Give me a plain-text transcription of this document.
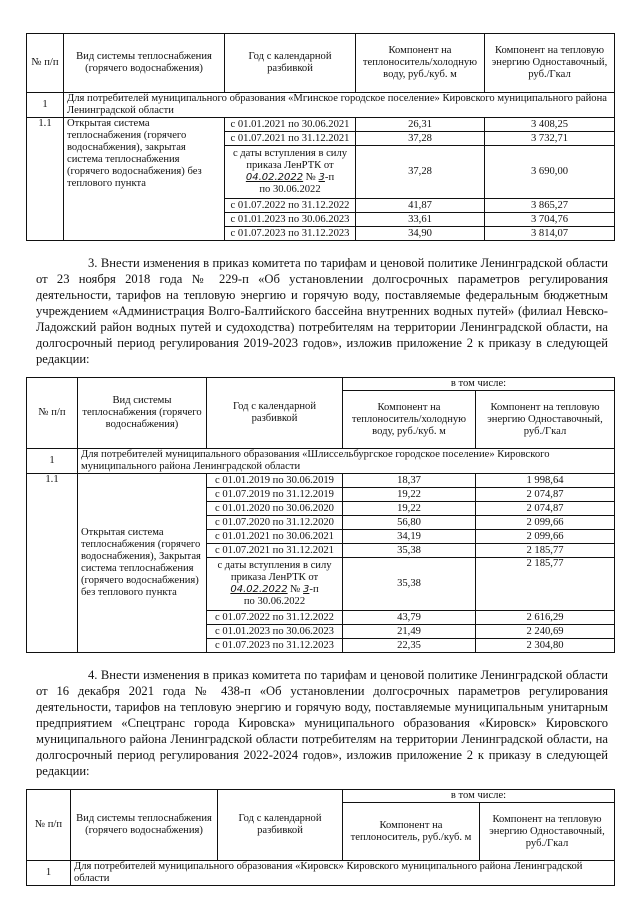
№ п/п	Вид системы теплоснабжения (горячего водоснабжения)	Год с календарной разбивкой	Компонент на теплоноситель/холодную воду, руб./куб. м	Компонент на тепловую энергию Одноставочный, руб./Гкал
1	Для потребителей муниципального образования «Мгинское городское поселение» Кировского муниципального района Ленинградской области			
1.1	Открытая система теплоснабжения (горячего водоснабжения), закрытая система теплоснабжения (горячего водоснабжения) без теплового пункта	с 01.01.2021 по 30.06.2021	26,31	3 408,25
		с 01.07.2021 по 31.12.2021	37,28	3 732,71
		с даты вступления в силу приказа ЛенРТК от
04.02.2022 № 3-п
по 30.06.2022	37,28	3 690,00
		с 01.07.2022 по 31.12.2022	41,87	3 865,27
		с 01.01.2023 по 30.06.2023	33,61	3 704,76
		с 01.07.2023 по 31.12.2023	34,90	3 814,07

3. Внести изменения в приказ комитета по тарифам и ценовой политике Ленинградской области от 23 ноября 2018 года № 229-п «Об установлении долгосрочных параметров регулирования деятельности, тарифов на тепловую энергию и горячую воду, поставляемые федеральным бюджетным учреждением «Администрация Волго-Балтийского бассейна внутренних водных путей» (филиал Невско-Ладожский район водных путей и судоходства) потребителям на территории Ленинградской области, на долгосрочный период регулирования 2019-2023 годов», изложив приложение 2 к приказу в следующей редакции:

№ п/п	Вид системы теплоснабжения (горячего водоснабжения)	Год с календарной разбивкой	в том числе:	
			Компонент на теплоноситель/холодную воду, руб./куб. м	Компонент на тепловую энергию Одноставочный, руб./Гкал
1	Для потребителей муниципального образования «Шлиссельбургское городское поселение» Кировского муниципального района Ленинградской области			
1.1	Открытая система теплоснабжения (горячего водоснабжения), Закрытая система теплоснабжения (горячего водоснабжения) без теплового пункта	с 01.01.2019 по 30.06.2019	18,37	1 998,64
		с 01.07.2019 по 31.12.2019	19,22	2 074,87
		с 01.01.2020 по 30.06.2020	19,22	2 074,87
		с 01.07.2020 по 31.12.2020	56,80	2 099,66
		с 01.01.2021 по 30.06.2021	34,19	2 099,66
		с 01.07.2021 по 31.12.2021	35,38	2 185,77
		с даты вступления в силу приказа ЛенРТК от
04.02.2022 № 3-п
по 30.06.2022	35,38	2 185,77
		с 01.07.2022 по 31.12.2022	43,79	2 616,29
		с 01.01.2023 по 30.06.2023	21,49	2 240,69
		с 01.07.2023 по 31.12.2023	22,35	2 304,80

4. Внести изменения в приказ комитета по тарифам и ценовой политике Ленинградской области от 16 декабря 2021 года № 438-п «Об установлении долгосрочных параметров регулирования деятельности, тарифов на тепловую энергию и горячую воду, поставляемые муниципальным унитарным предприятием «Спецтранс города Кировска» муниципального образования «Кировск» Кировского муниципального района Ленинградской области потребителям на территории Ленинградской области, на долгосрочный период регулирования 2022-2024 годов», изложив приложение 2 к приказу в следующей редакции:

№ п/п	Вид системы теплоснабжения (горячего водоснабжения)	Год с календарной разбивкой	в том числе:	
			Компонент на теплоноситель, руб./куб. м	Компонент на тепловую энергию Одноставочный, руб./Гкал
1	Для потребителей муниципального образования «Кировск» Кировского муниципального района Ленинградской области			
